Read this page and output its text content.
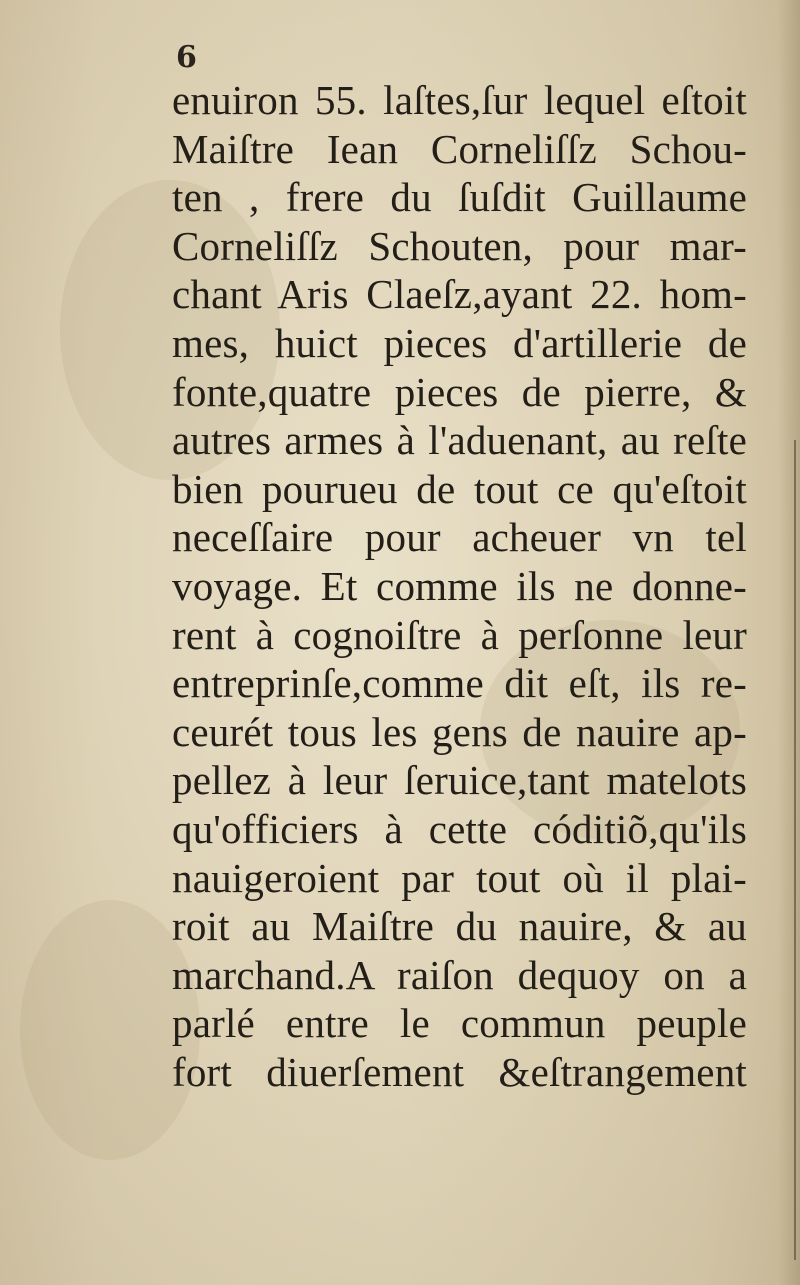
6
enuiron 55. laſtes,ſur lequel eſtoit
Maiſtre Iean Corneliſſz Schou-
ten , frere du ſuſdit Guillaume
Corneliſſz Schouten, pour mar-
chant Aris Claeſz,ayant 22. hom-
mes, huict pieces d'artillerie de
fonte,quatre pieces de pierre, &
autres armes à l'aduenant, au reſte
bien pourueu de tout ce qu'eſtoit
neceſſaire pour acheuer vn tel
voyage. Et comme ils ne donne-
rent à cognoiſtre à perſonne leur
entreprinſe,comme dit eſt, ils re-
ceurét tous les gens de nauire ap-
pellez à leur ſeruice,tant matelots
qu'officiers à cette códitiõ,qu'ils
nauigeroient par tout où il plai-
roit au Maiſtre du nauire, & au
marchand.A raiſon dequoy on a
parlé entre le commun peuple
fort diuerſement &eſtrangement
